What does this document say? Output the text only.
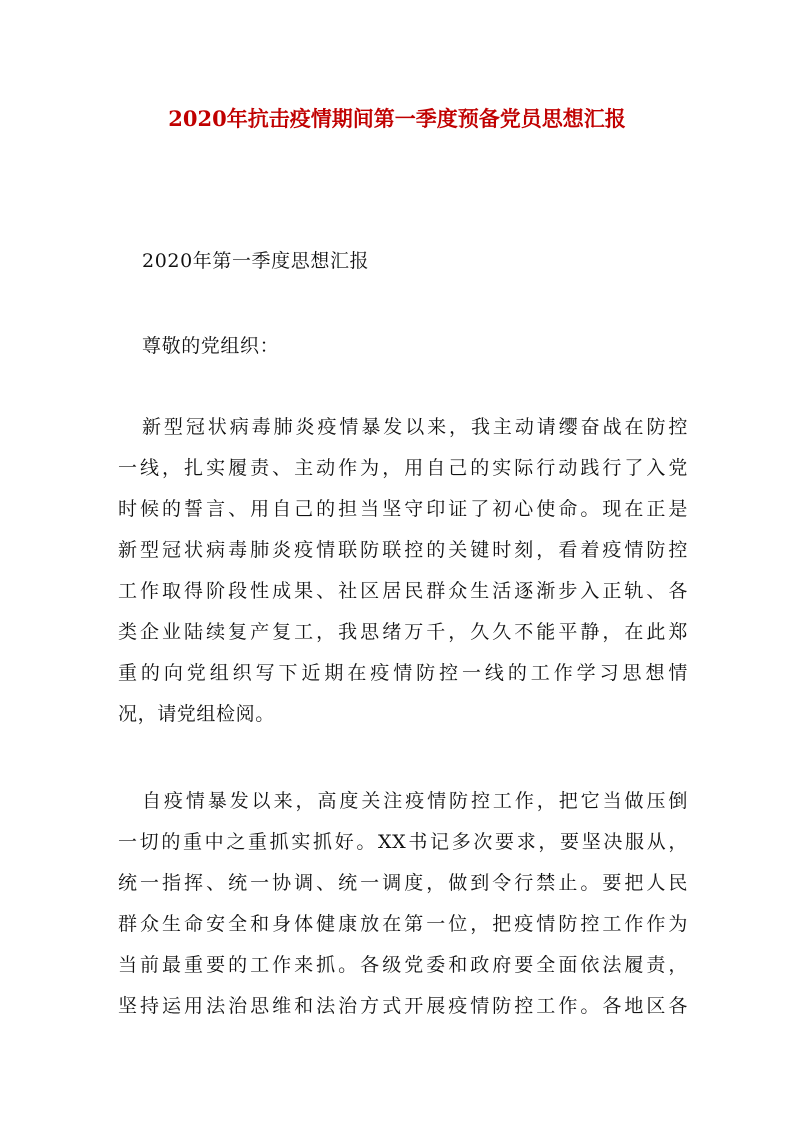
2020年抗击疫情期间第一季度预备党员思想汇报
2020年第一季度思想汇报
尊敬的党组织：
新型冠状病毒肺炎疫情暴发以来，我主动请缨奋战在防控
一线，扎实履责、主动作为，用自己的实际行动践行了入党
时候的誓言、用自己的担当坚守印证了初心使命。现在正是
新型冠状病毒肺炎疫情联防联控的关键时刻，看着疫情防控
工作取得阶段性成果、社区居民群众生活逐渐步入正轨、各
类企业陆续复产复工，我思绪万千，久久不能平静，在此郑
重的向党组织写下近期在疫情防控一线的工作学习思想情
况，请党组检阅。
自疫情暴发以来，高度关注疫情防控工作，把它当做压倒
一切的重中之重抓实抓好。XX书记多次要求，要坚决服从，
统一指挥、统一协调、统一调度，做到令行禁止。要把人民
群众生命安全和身体健康放在第一位，把疫情防控工作作为
当前最重要的工作来抓。各级党委和政府要全面依法履责，
坚持运用法治思维和法治方式开展疫情防控工作。各地区各
